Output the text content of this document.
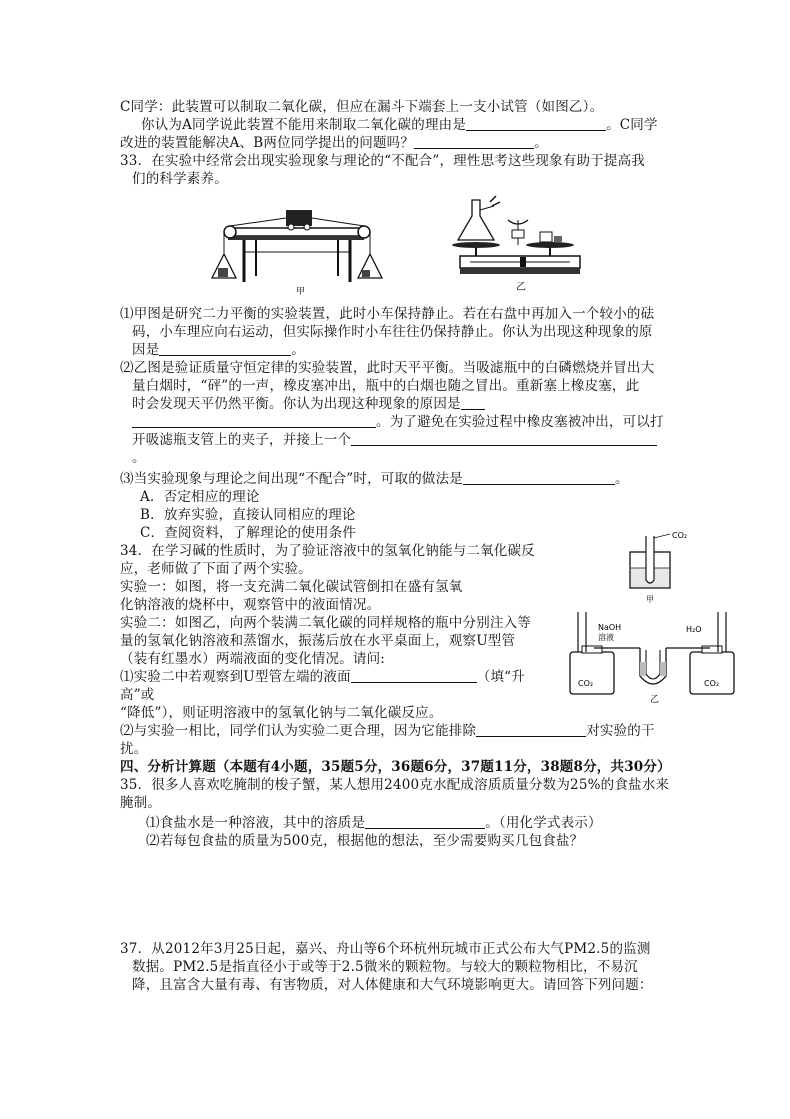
C同学：此装置可以制取二氧化碳，但应在漏斗下端套上一支小试管（如图乙）。
你认为A同学说此装置不能用来制取二氧化碳的理由是	。C同学
改进的装置能解决A、B两位同学提出的问题吗？	。
33．在实验中经常会出现实验现象与理论的“不配合”，理性思考这些现象有助于提高我
们的科学素养。
甲	乙
⑴甲图是研究二力平衡的实验装置，此时小车保持静止。若在右盘中再加入一个较小的砝
码，小车理应向右运动，但实际操作时小车往往仍保持静止。你认为出现这种现象的原
因是	。
⑵乙图是验证质量守恒定律的实验装置，此时天平平衡。当吸滤瓶中的白磷燃烧并冒出大
量白烟时，“砰”的一声，橡皮塞冲出，瓶中的白烟也随之冒出。重新塞上橡皮塞，此
时会发现天平仍然平衡。你认为出现这种现象的原因是
。为了避免在实验过程中橡皮塞被冲出，可以打
开吸滤瓶支管上的夹子，并接上一个
。
⑶当实验现象与理论之间出现“不配合”时，可取的做法是	。
A．否定相应的理论
B．放弃实验，直接认同相应的理论
C．查阅资料，了解理论的使用条件
34．在学习碱的性质时，为了验证溶液中的氢氧化钠能与二氧化碳反
应，老师做了下面了两个实验。
实验一：如图，将一支充满二氧化碳试管倒扣在盛有氢氧
化钠溶液的烧杯中，观察管中的液面情况。
实验二：如图乙，向两个装满二氧化碳的同样规格的瓶中分别注入等
量的氢氧化钠溶液和蒸馏水，振荡后放在水平桌面上，观察U型管
（装有红墨水）两端液面的变化情况。请问:
⑴实验二中若观察到U型管左端的液面	（填“升
高”或
“降低”），则证明溶液中的氢氧化钠与二氧化碳反应。
⑵与实验一相比，同学们认为实验二更合理，因为它能排除	对实验的干
扰。
CO₂
甲
NaOH
溶液
H₂O
CO₂	CO₂
乙
四、分析计算题（本题有4小题，35题5分，36题6分，37题11分，38题8分，共30分）
35．很多人喜欢吃腌制的梭子蟹，某人想用2400克水配成溶质质量分数为25%的食盐水来
腌制。
⑴食盐水是一种溶液，其中的溶质是	。（用化学式表示）
⑵若每包食盐的质量为500克，根据他的想法，至少需要购买几包食盐？
37．从2012年3月25日起，嘉兴、舟山等6个环杭州玩城市正式公布大气PM2.5的监测
数据。PM2.5是指直径小于或等于2.5微米的颗粒物。与较大的颗粒物相比，不易沉
降，且富含大量有毒、有害物质，对人体健康和大气环境影响更大。请回答下列问题：
